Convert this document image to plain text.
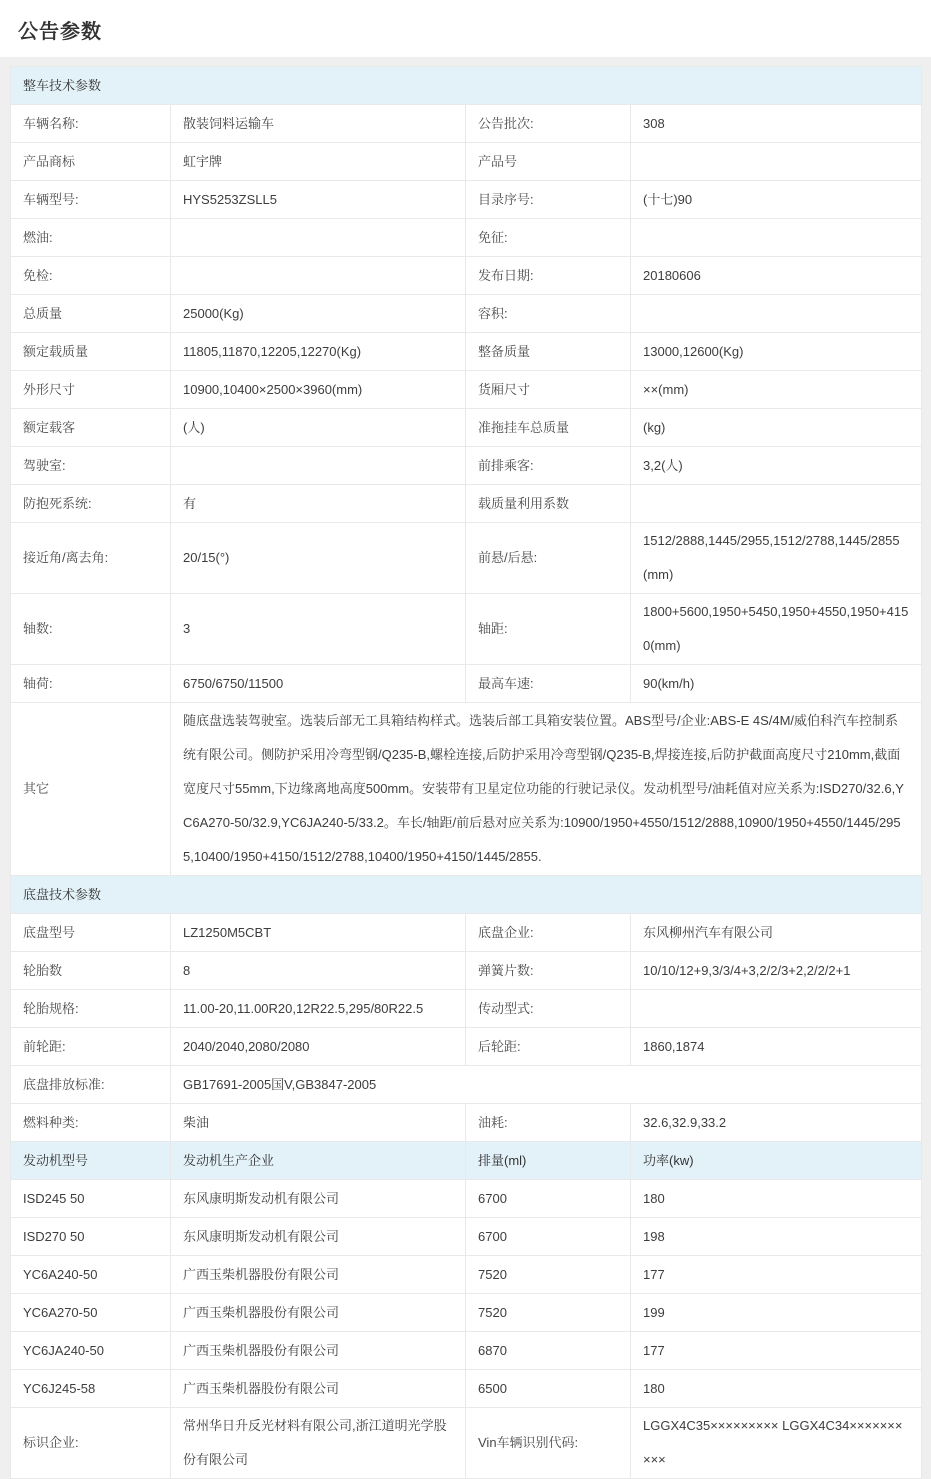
公告参数
整车技术参数			
车辆名称:	散装饲料运输车	公告批次:	308
产品商标	虹宇牌	产品号	
车辆型号:	HYS5253ZSLL5	目录序号:	(十七)90
燃油:		免征:	
免检:		发布日期:	20180606
总质量	25000(Kg)	容积:	
额定载质量	11805,11870,12205,12270(Kg)	整备质量	13000,12600(Kg)
外形尺寸	10900,10400×2500×3960(mm)	货厢尺寸	××(mm)
额定载客	(人)	准拖挂车总质量	(kg)
驾驶室:		前排乘客:	3,2(人)
防抱死系统:	有	载质量利用系数	
接近角/离去角:	20/15(°)	前悬/后悬:	1512/2888,1445/2955,1512/2788,1445/2855(mm)
轴数:	3	轴距:	1800+5600,1950+5450,1950+4550,1950+4150(mm)
轴荷:	6750/6750/11500	最高车速:	90(km/h)
其它	随底盘选装驾驶室。选装后部无工具箱结构样式。选装后部工具箱安装位置。ABS型号/企业:ABS-E 4S/4M/威伯科汽车控制系统有限公司。侧防护采用冷弯型钢/Q235-B,螺栓连接,后防护采用冷弯型钢/Q235-B,焊接连接,后防护截面高度尺寸210mm,截面宽度尺寸55mm,下边缘离地高度500mm。安装带有卫星定位功能的行驶记录仪。发动机型号/油耗值对应关系为:ISD270/32.6,YC6A270-50/32.9,YC6JA240-5/33.2。车长/轴距/前后悬对应关系为:10900/1950+4550/1512/2888,10900/1950+4550/1445/2955,10400/1950+4150/1512/2788,10400/1950+4150/1445/2855.		
底盘技术参数			
底盘型号	LZ1250M5CBT	底盘企业:	东风柳州汽车有限公司
轮胎数	8	弹簧片数:	10/10/12+9,3/3/4+3,2/2/3+2,2/2/2+1
轮胎规格:	11.00-20,11.00R20,12R22.5,295/80R22.5	传动型式:	
前轮距:	2040/2040,2080/2080	后轮距:	1860,1874
底盘排放标准:	GB17691-2005国V,GB3847-2005		
燃料种类:	柴油	油耗:	32.6,32.9,33.2
发动机型号	发动机生产企业	排量(ml)	功率(kw)
ISD245 50	东风康明斯发动机有限公司	6700	180
ISD270 50	东风康明斯发动机有限公司	6700	198
YC6A240-50	广西玉柴机器股份有限公司	7520	177
YC6A270-50	广西玉柴机器股份有限公司	7520	199
YC6JA240-50	广西玉柴机器股份有限公司	6870	177
YC6J245-58	广西玉柴机器股份有限公司	6500	180
标识企业:	常州华日升反光材料有限公司,浙江道明光学股份有限公司	Vin车辆识别代码:	LGGX4C35××××××××× LGGX4C34××××××××××
